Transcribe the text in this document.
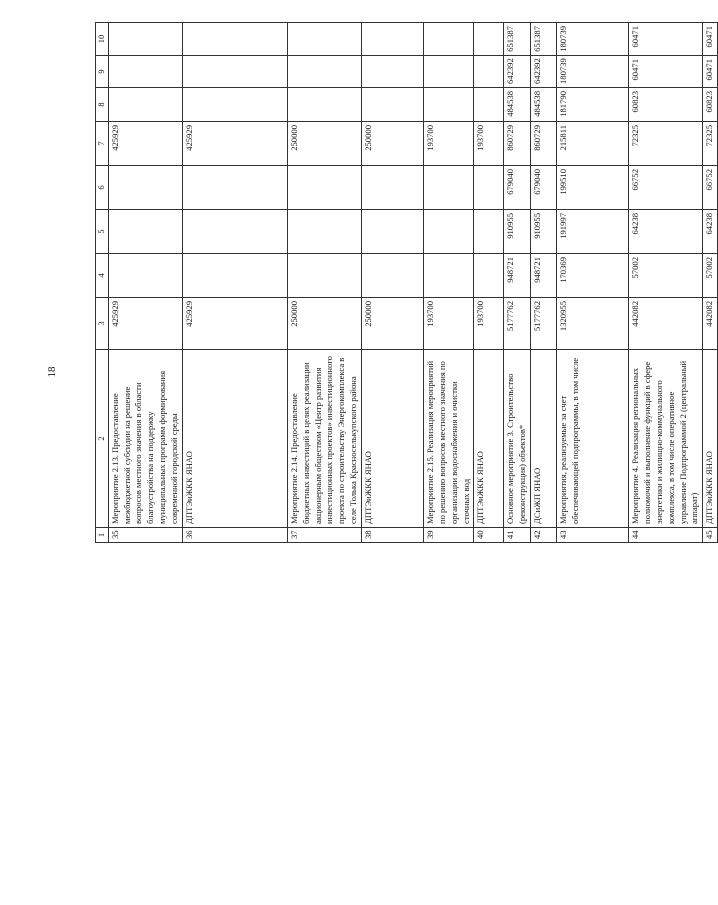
18
1	2	3	4	5	6	7	8	9	10
35	Мероприятие 2.13. Предоставление межбюджетной субсидии на решение вопросов местного значения в области благоустройства на поддержку муниципальных программ формирования современной городской среды	425929				425929			
36	ДПТЭиЖКК ЯНАО	425929				425929			
37	Мероприятие 2.14. Предоставление бюджетных инвестиций в целях реализации акционерным обществом «Центр развития инвестиционных проектов» инвестиционного проекта по строительству Энергокомплекса в селе Толька Красноселькупского района	250000				250000			
38	ДПТЭиЖКК ЯНАО	250000				250000			
39	Мероприятие 2.15. Реализация мероприятий по решению вопросов местного значения по организации водоснабжения и очистки сточных вод	193700				193700			
40	ДПТЭиЖКК ЯНАО	193700				193700			
41	Основное мероприятие 3. Строительство (реконструкция) объектов*	5177762	948721	910955	679040	860729	484538	642392	651387
42	ДСиЖП ЯНАО	5177762	948721	910955	679040	860729	484538	642392	651387
43	Мероприятия, реализуемые за счет обеспечивающей подпрограммы, в том числе	1320955	170369	191997	199510	215811	181790	180739	180739
44	Мероприятие 4. Реализация региональных полномочий и выполнение функций в сфере энергетики и жилищно-коммунального комплекса, в том числе оперативное управление Подпрограммой 2 (центральный аппарат)	442082	57002	64238	66752	72325	60823	60471	60471
45	ДПТЭиЖКК ЯНАО	442082	57002	64238	66752	72325	60823	60471	60471
